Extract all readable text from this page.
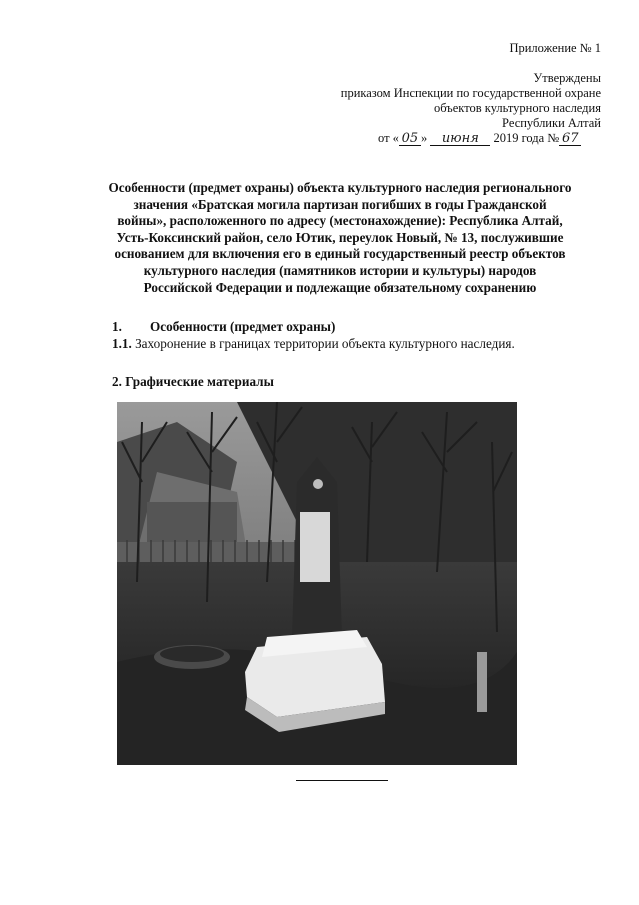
Приложение № 1
Утверждены
приказом Инспекции по государственной охране
объектов культурного наследия
Республики Алтай
от « 05 » июня 2019 года № 67
Особенности (предмет охраны) объекта культурного наследия регионального
значения «Братская могила партизан погибших в годы Гражданской
войны», расположенного по адресу (местонахождение): Республика Алтай,
Усть-Коксинский район, село Ютик, переулок Новый, № 13, послужившие
основанием для включения его в единый государственный реестр объектов
культурного наследия (памятников истории и культуры) народов
Российской Федерации и подлежащие обязательному сохранению
1. Особенности (предмет охраны)
1.1. Захоронение в границах территории объекта культурного наследия.
2. Графические материалы
